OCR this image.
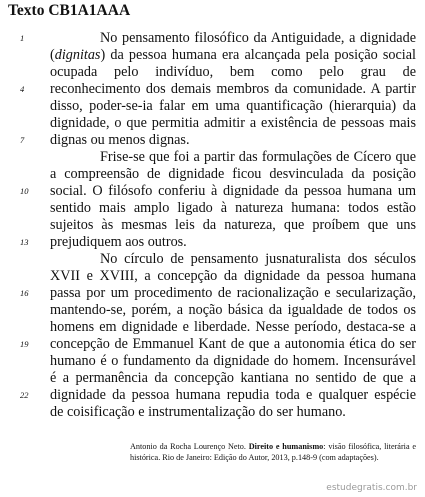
Texto CB1A1AAA
1
4
7
10
13
16
19
22
No pensamento filosófico da Antiguidade, a dignidade
(dignitas) da pessoa humana era alcançada pela posição social
ocupada pelo indivíduo, bem como pelo grau de
reconhecimento dos demais membros da comunidade. A partir
disso, poder-se-ia falar em uma quantificação (hierarquia) da
dignidade, o que permitia admitir a existência de pessoas mais
dignas ou menos dignas.
Frise-se que foi a partir das formulações de Cícero que
a compreensão de dignidade ficou desvinculada da posição
social. O filósofo conferiu à dignidade da pessoa humana um
sentido mais amplo ligado à natureza humana: todos estão
sujeitos às mesmas leis da natureza, que proíbem que uns
prejudiquem aos outros.
No círculo de pensamento jusnaturalista dos séculos
XVII e XVIII, a concepção da dignidade da pessoa humana
passa por um procedimento de racionalização e secularização,
mantendo-se, porém, a noção básica da igualdade de todos os
homens em dignidade e liberdade. Nesse período, destaca-se a
concepção de Emmanuel Kant de que a autonomia ética do ser
humano é o fundamento da dignidade do homem. Incensurável
é a permanência da concepção kantiana no sentido de que a
dignidade da pessoa humana repudia toda e qualquer espécie
de coisificação e instrumentalização do ser humano.
Antonio da Rocha Lourenço Neto. Direito e humanismo: visão filosófica, literária e histórica. Rio de Janeiro: Edição do Autor, 2013, p.148-9 (com adaptações).
estudegratis.com.br
